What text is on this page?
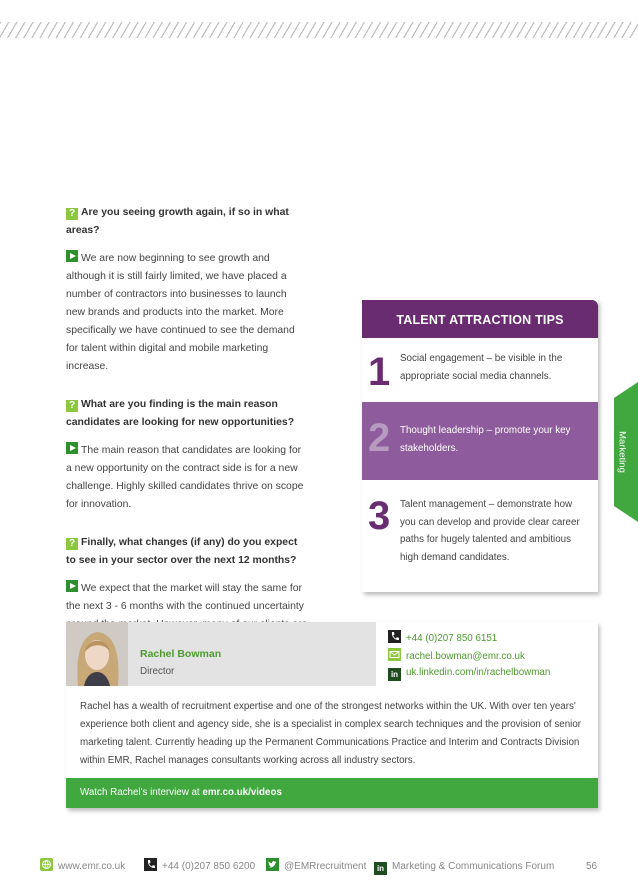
? Are you seeing growth again, if so in what areas?

We are now beginning to see growth and although it is still fairly limited, we have placed a number of contractors into businesses to launch new brands and products into the market. More specifically we have continued to see the demand for talent within digital and mobile marketing increase.

? What are you finding is the main reason candidates are looking for new opportunities?

The main reason that candidates are looking for a new opportunity on the contract side is for a new challenge. Highly skilled candidates thrive on scope for innovation.

? Finally, what changes (if any) do you expect to see in your sector over the next 12 months?

We expect that the market will stay the same for the next 3 - 6 months with the continued uncertainty

TALENT ATTRACTION TIPS
1 Social engagement – be visible in the appropriate social media channels.
2 Thought leadership – promote your key stakeholders.
3 Talent management – demonstrate how you can develop and provide clear career paths for hugely talented and ambitious high demand candidates.
Marketing
Rachel Bowman
Director
+44 (0)207 850 6151
rachel.bowman@emr.co.uk
in uk.linkedin.com/in/rachelbowman
Rachel has a wealth of recruitment expertise and one of the strongest networks within the UK. With over ten years' experience both client and agency side, she is a specialist in complex search techniques and the provision of senior marketing talent. Currently heading up the Permanent Communications Practice and Interim and Contracts Division within EMR, Rachel manages consultants working across all industry sectors.
Watch Rachel's interview at emr.co.uk/videos
www.emr.co.uk	+44 (0)207 850 6200	@EMRrecruitment	in Marketing & Communications Forum	56
